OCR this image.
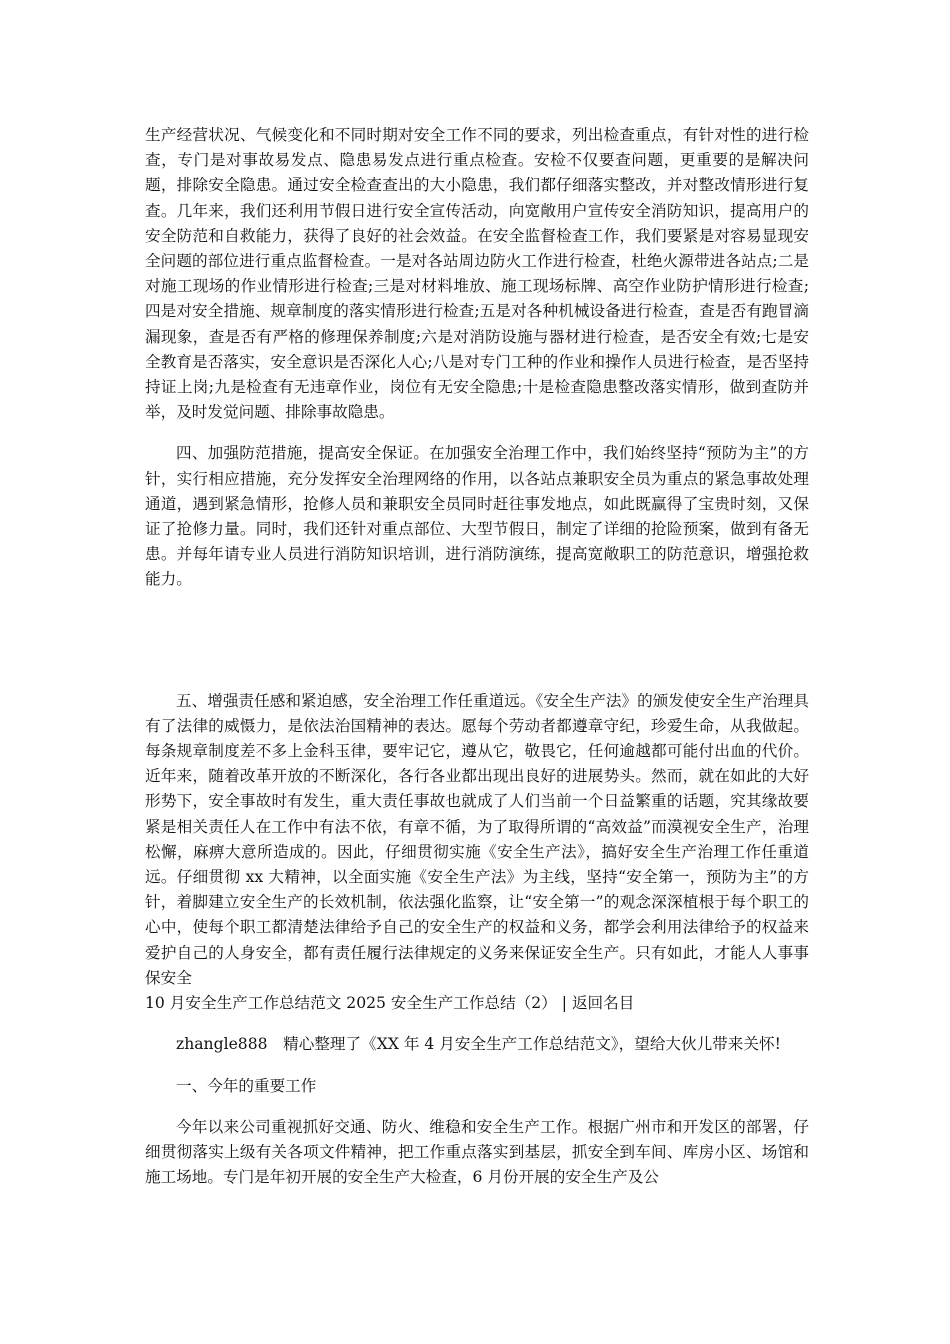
生产经营状况、气候变化和不同时期对安全工作不同的要求，列出检查重点，有针对性的进行检查，专门是对事故易发点、隐患易发点进行重点检查。安检不仅要查问题，更重要的是解决问题，排除安全隐患。通过安全检查查出的大小隐患，我们都仔细落实整改，并对整改情形进行复查。几年来，我们还利用节假日进行安全宣传活动，向宽敞用户宣传安全消防知识，提高用户的安全防范和自救能力，获得了良好的社会效益。在安全监督检查工作，我们要紧是对容易显现安全问题的部位进行重点监督检查。一是对各站周边防火工作进行检查，杜绝火源带进各站点;二是对施工现场的作业情形进行检查;三是对材料堆放、施工现场标牌、高空作业防护情形进行检查;四是对安全措施、规章制度的落实情形进行检查;五是对各种机械设备进行检查，查是否有跑冒滴漏现象，查是否有严格的修理保养制度;六是对消防设施与器材进行检查，是否安全有效;七是安全教育是否落实，安全意识是否深化人心;八是对专门工种的作业和操作人员进行检查，是否坚持持证上岗;九是检查有无违章作业，岗位有无安全隐患;十是检查隐患整改落实情形，做到查防并举，及时发觉问题、排除事故隐患。

四、加强防范措施，提高安全保证。在加强安全治理工作中，我们始终坚持“预防为主”的方针，实行相应措施，充分发挥安全治理网络的作用，以各站点兼职安全员为重点的紧急事故处理通道，遇到紧急情形，抢修人员和兼职安全员同时赶往事发地点，如此既赢得了宝贵时刻，又保证了抢修力量。同时，我们还针对重点部位、大型节假日，制定了详细的抢险预案，做到有备无患。并每年请专业人员进行消防知识培训，进行消防演练，提高宽敞职工的防范意识，增强抢救能力。

五、增强责任感和紧迫感，安全治理工作任重道远。《安全生产法》的颁发使安全生产治理具有了法律的威慑力，是依法治国精神的表达。愿每个劳动者都遵章守纪，珍爱生命，从我做起。每条规章制度差不多上金科玉律，要牢记它，遵从它，敬畏它，任何逾越都可能付出血的代价。近年来，随着改革开放的不断深化，各行各业都出现出良好的进展势头。然而，就在如此的大好形势下，安全事故时有发生，重大责任事故也就成了人们当前一个日益繁重的话题，究其缘故要紧是相关责任人在工作中有法不依，有章不循，为了取得所谓的“高效益”而漠视安全生产，治理松懈，麻痹大意所造成的。因此，仔细贯彻实施《安全生产法》，搞好安全生产治理工作任重道远。仔细贯彻 xx 大精神，以全面实施《安全生产法》为主线，坚持“安全第一，预防为主”的方针，着脚建立安全生产的长效机制，依法强化监察，让“安全第一”的观念深深植根于每个职工的心中，使每个职工都清楚法律给予自己的安全生产的权益和义务，都学会利用法律给予的权益来爱护自己的人身安全，都有责任履行法律规定的义务来保证安全生产。只有如此，才能人人事事保安全

10 月安全生产工作总结范文 2025 安全生产工作总结（2） | 返回名目

zhangle888　精心整理了《XX 年 4 月安全生产工作总结范文》，望给大伙儿带来关怀!

一、今年的重要工作

今年以来公司重视抓好交通、防火、维稳和安全生产工作。根据广州市和开发区的部署，仔细贯彻落实上级有关各项文件精神，把工作重点落实到基层，抓安全到车间、库房小区、场馆和施工场地。专门是年初开展的安全生产大检查，6 月份开展的安全生产及公
